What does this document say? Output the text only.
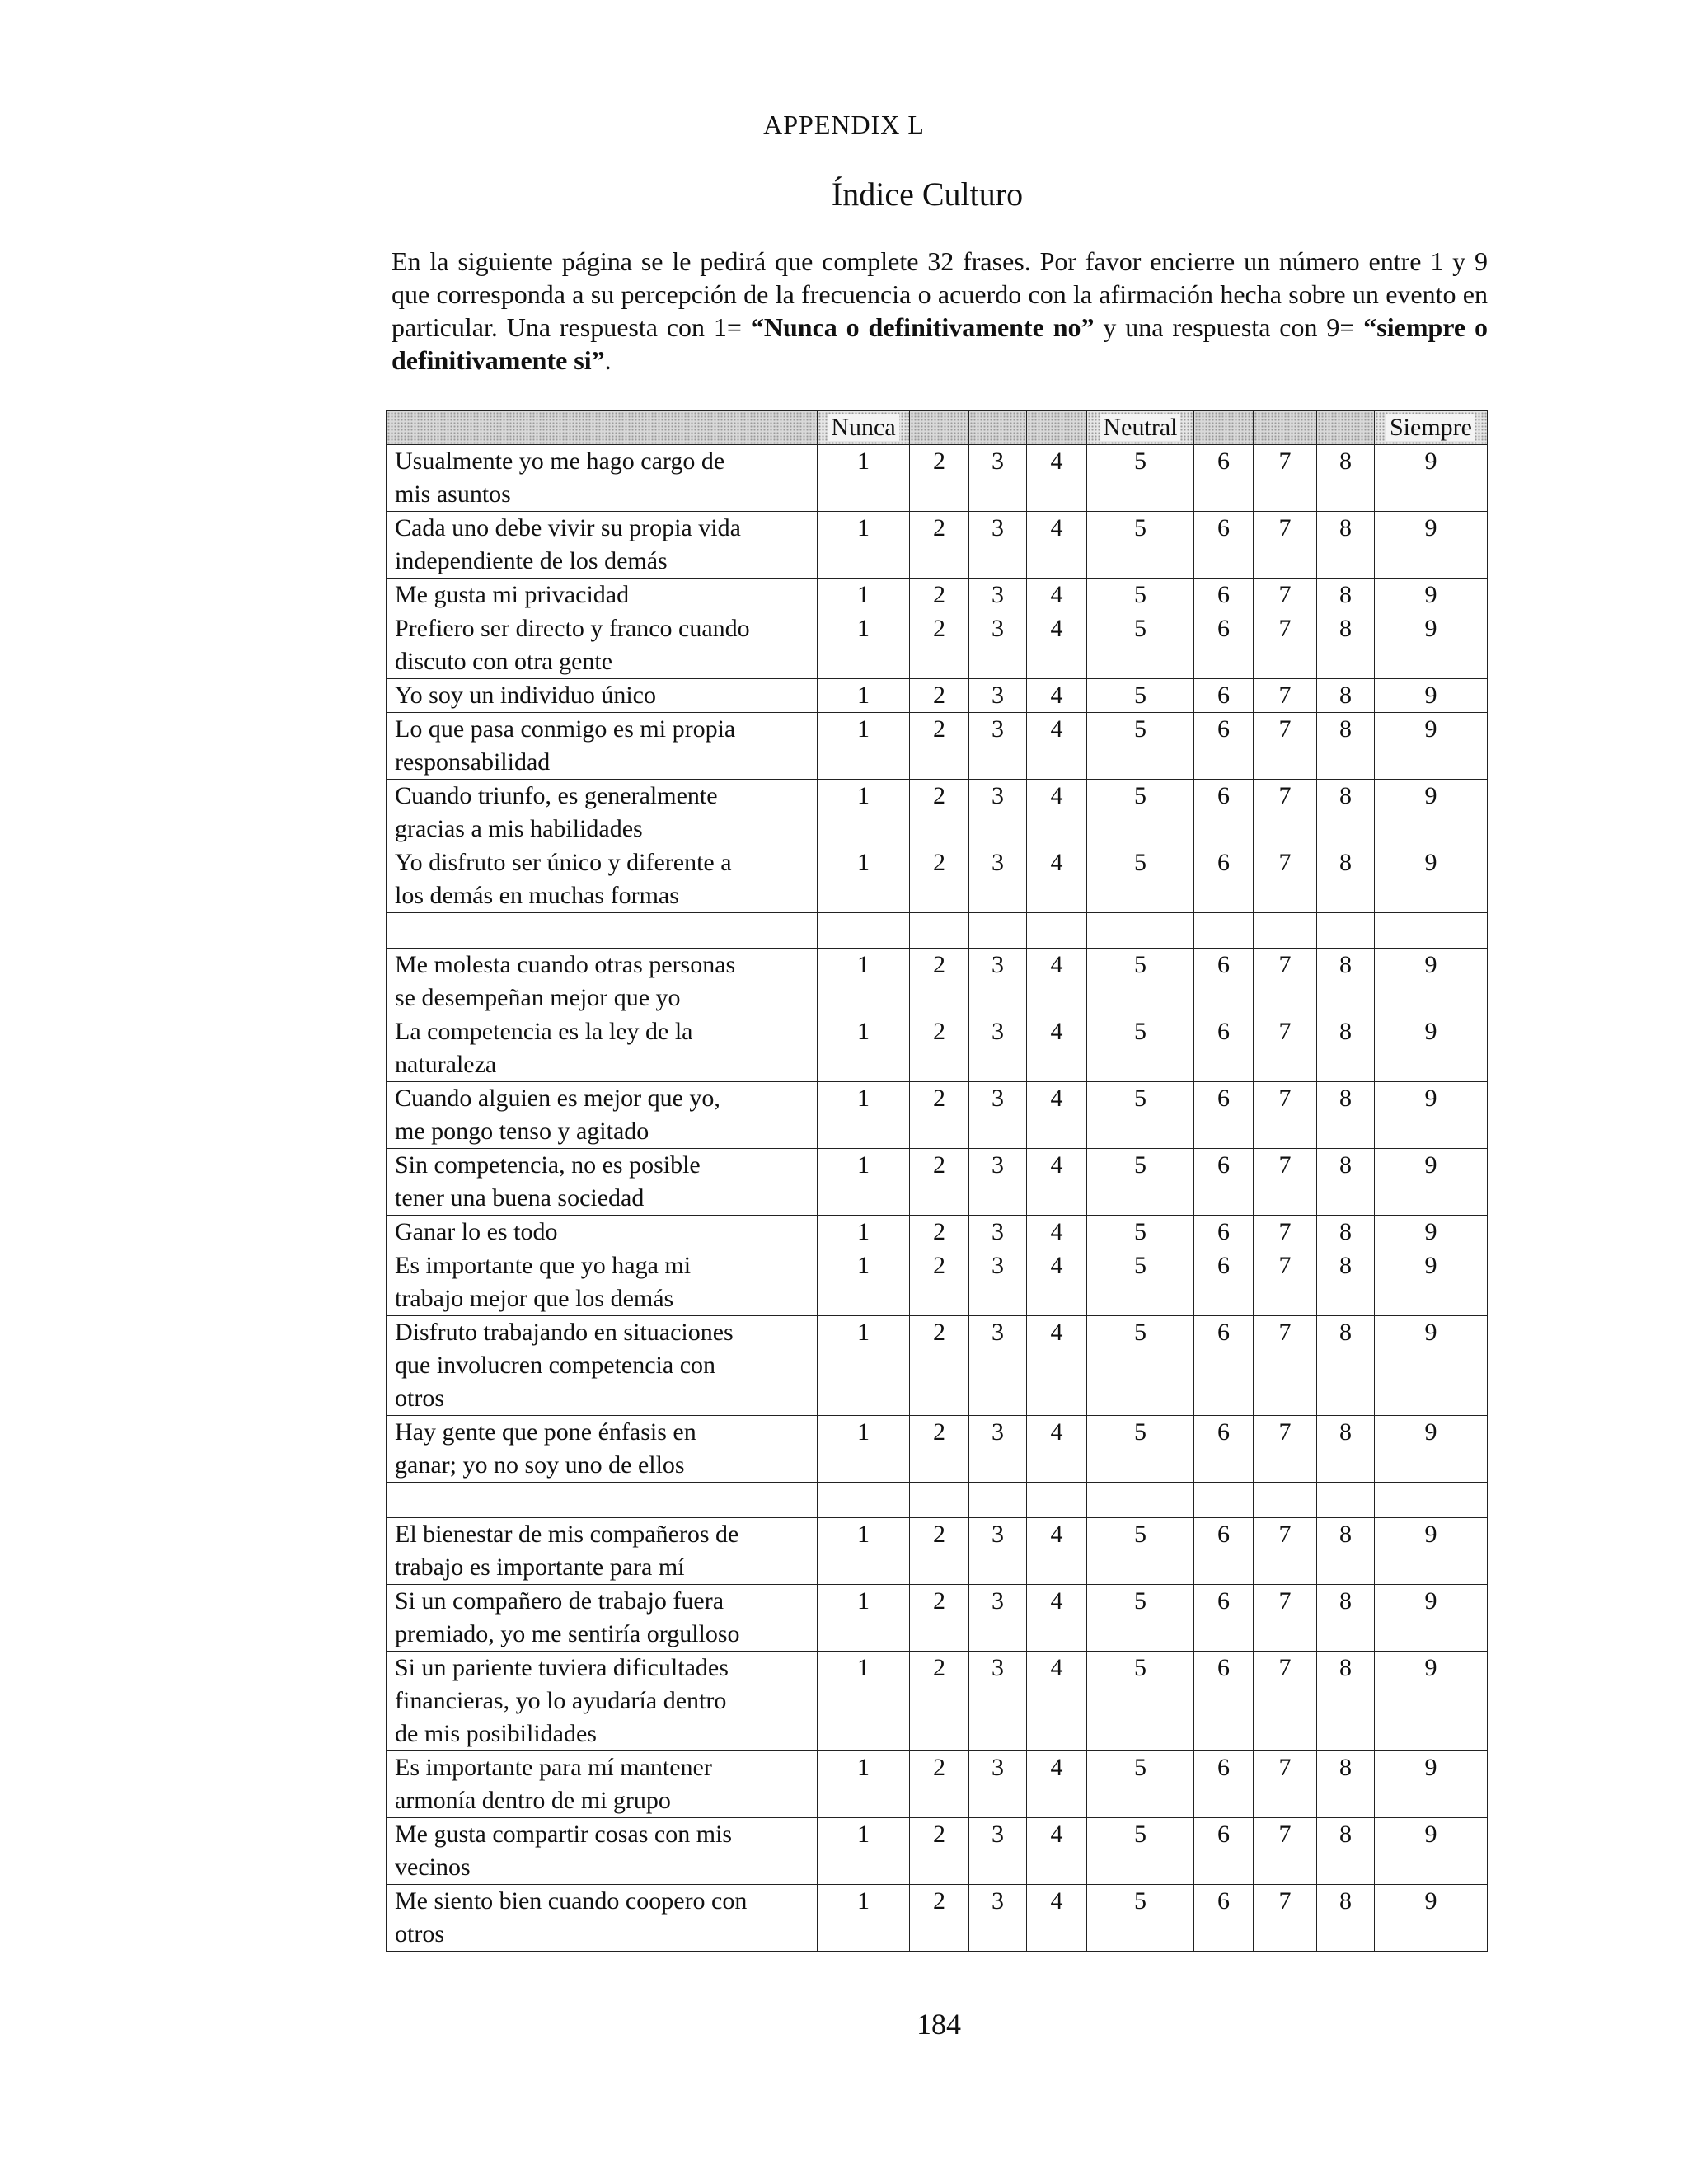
APPENDIX L
Índice Culturo
En la siguiente página se le pedirá que complete 32 frases. Por favor encierre un número entre 1 y 9 que corresponda a su percepción de la frecuencia o acuerdo con la afirmación hecha sobre un evento en particular. Una respuesta con 1= “Nunca o definitivamente no” y una respuesta con 9= “siempre o definitivamente si”.
	Nunca				Neutral				Siempre

Usualmente yo me hago cargo de
mis asuntos	1	2	3	4	5	6	7	8	9

Cada uno debe vivir su propia vida
independiente de los demás	1	2	3	4	5	6	7	8	9

Me gusta mi privacidad	1	2	3	4	5	6	7	8	9

Prefiero ser directo y franco cuando
discuto con otra gente	1	2	3	4	5	6	7	8	9

Yo soy un individuo único	1	2	3	4	5	6	7	8	9

Lo que pasa conmigo es mi propia
responsabilidad	1	2	3	4	5	6	7	8	9

Cuando triunfo, es generalmente
gracias a mis habilidades	1	2	3	4	5	6	7	8	9

Yo disfruto ser único y diferente a
los demás en muchas formas	1	2	3	4	5	6	7	8	9

Me molesta cuando otras personas
se desempeñan mejor que yo	1	2	3	4	5	6	7	8	9

La competencia es la ley de la
naturaleza	1	2	3	4	5	6	7	8	9

Cuando alguien es mejor que yo,
me pongo tenso y agitado	1	2	3	4	5	6	7	8	9

Sin competencia, no es posible
tener una buena sociedad	1	2	3	4	5	6	7	8	9

Ganar lo es todo	1	2	3	4	5	6	7	8	9

Es importante que yo haga mi
trabajo mejor que los demás	1	2	3	4	5	6	7	8	9

Disfruto trabajando en situaciones
que involucren competencia con
otros	1	2	3	4	5	6	7	8	9

Hay gente que pone énfasis en
ganar; yo no soy uno de ellos	1	2	3	4	5	6	7	8	9

El bienestar de mis compañeros de
trabajo es importante para mí	1	2	3	4	5	6	7	8	9

Si un compañero de trabajo fuera
premiado, yo me sentiría orgulloso	1	2	3	4	5	6	7	8	9

Si un pariente tuviera dificultades
financieras, yo lo ayudaría dentro
de mis posibilidades	1	2	3	4	5	6	7	8	9

Es importante para mí mantener
armonía dentro de mi grupo	1	2	3	4	5	6	7	8	9

Me gusta compartir cosas con mis
vecinos	1	2	3	4	5	6	7	8	9

Me siento bien cuando coopero con
otros	1	2	3	4	5	6	7	8	9
184
